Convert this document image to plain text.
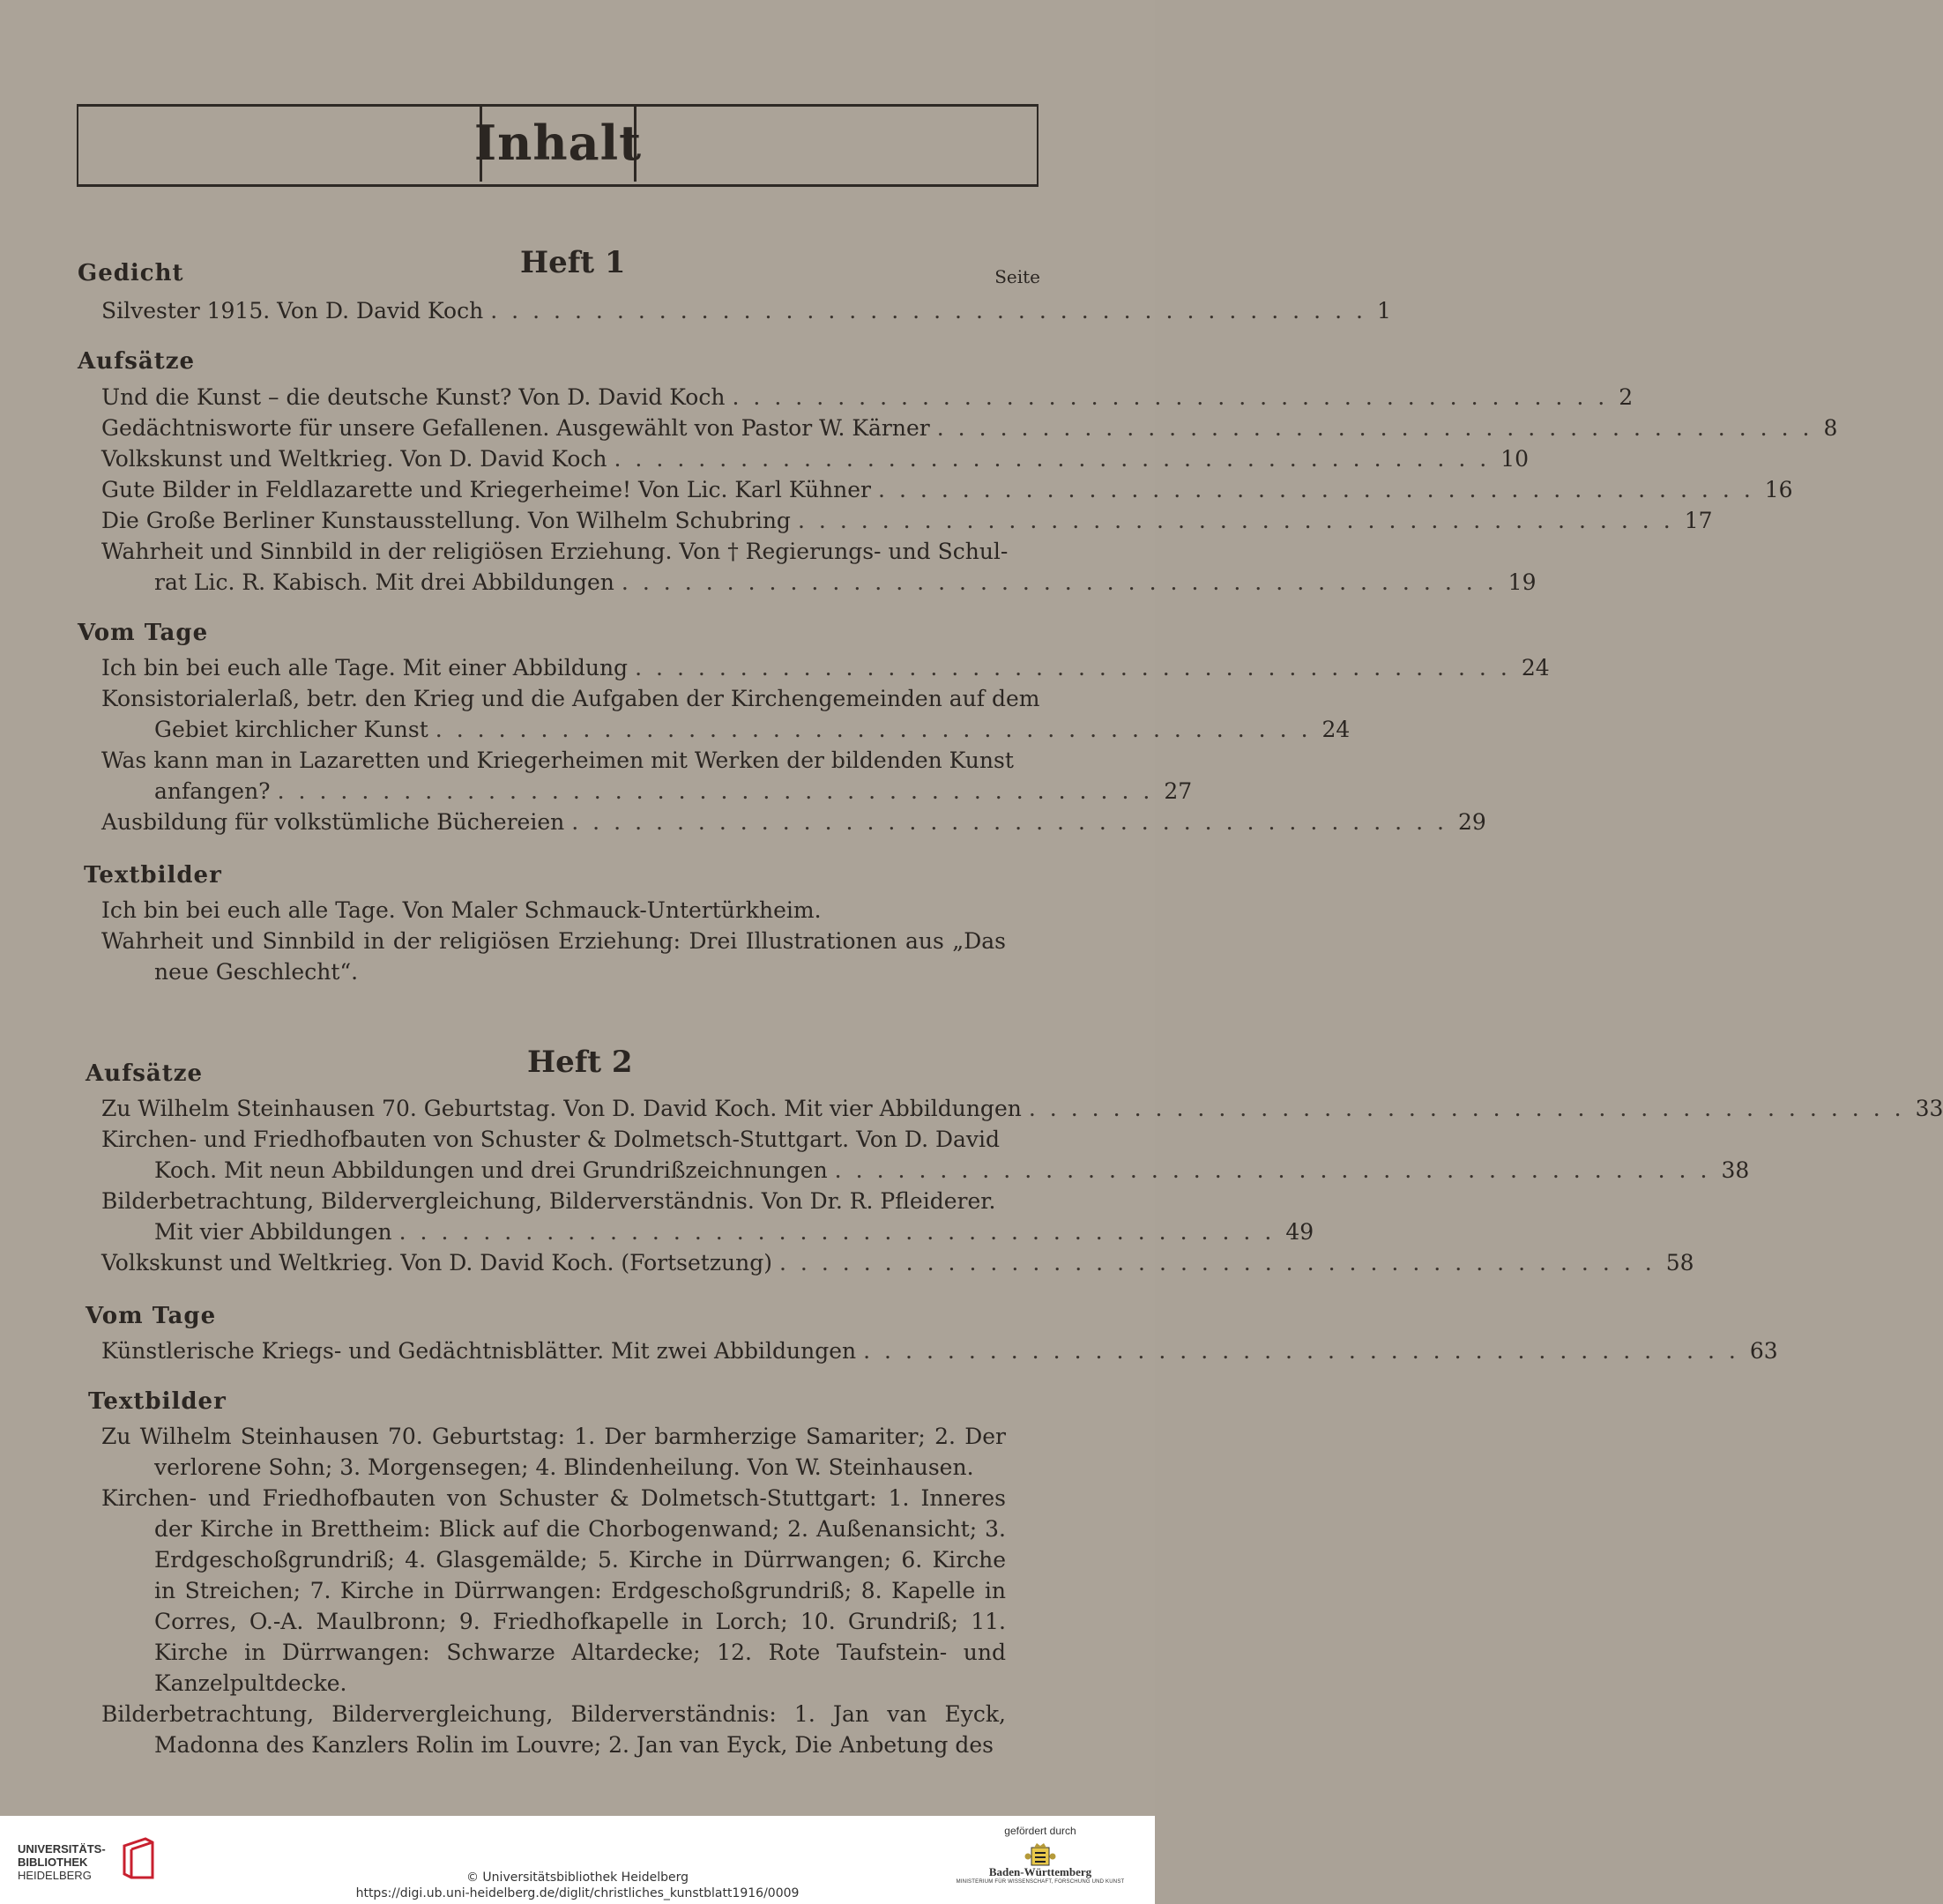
Inhalt
Heft 1	Seite
Gedicht
Silvester 1915. Von D. David Koch .......................................... 1
Aufsätze
Und die Kunst – die deutsche Kunst? Von D. David Koch .......................................... 2
Gedächtnisworte für unsere Gefallenen. Ausgewählt von Pastor W. Kärner .......................................... 8
Volkskunst und Weltkrieg. Von D. David Koch .......................................... 10
Gute Bilder in Feldlazarette und Kriegerheime! Von Lic. Karl Kühner .......................................... 16
Die Große Berliner Kunstausstellung. Von Wilhelm Schubring .......................................... 17
Wahrheit und Sinnbild in der religiösen Erziehung. Von † Regierungs- und Schul-
rat Lic. R. Kabisch. Mit drei Abbildungen .......................................... 19
Vom Tage
Ich bin bei euch alle Tage. Mit einer Abbildung .......................................... 24
Konsistorialerlaß, betr. den Krieg und die Aufgaben der Kirchengemeinden auf dem
Gebiet kirchlicher Kunst .......................................... 24
Was kann man in Lazaretten und Kriegerheimen mit Werken der bildenden Kunst
anfangen? .......................................... 27
Ausbildung für volkstümliche Büchereien .......................................... 29
Textbilder

Ich bin bei euch alle Tage. Von Maler Schmauck-Untertürkheim.

Wahrheit und Sinnbild in der religiösen Erziehung: Drei Illustrationen aus „Das neue Geschlecht“.

Heft 2
Aufsätze
Zu Wilhelm Steinhausen 70. Geburtstag. Von D. David Koch. Mit vier Abbildungen .......................................... 33
Kirchen- und Friedhofbauten von Schuster & Dolmetsch-Stuttgart. Von D. David
Koch. Mit neun Abbildungen und drei Grundrißzeichnungen .......................................... 38
Bilderbetrachtung, Bildervergleichung, Bilderverständnis. Von Dr. R. Pfleiderer.
Mit vier Abbildungen .......................................... 49
Volkskunst und Weltkrieg. Von D. David Koch. (Fortsetzung) .......................................... 58
Vom Tage
Künstlerische Kriegs- und Gedächtnisblätter. Mit zwei Abbildungen .......................................... 63
Textbilder

Zu Wilhelm Steinhausen 70. Geburtstag: 1. Der barmherzige Samariter; 2. Der verlorene Sohn; 3. Morgensegen; 4. Blindenheilung. Von W. Steinhausen.

Kirchen- und Friedhofbauten von Schuster & Dolmetsch-Stuttgart: 1. Inneres der Kirche in Brettheim: Blick auf die Chorbogenwand; 2. Außenansicht; 3. Erdgeschoßgrundriß; 4. Glasgemälde; 5. Kirche in Dürrwangen; 6. Kirche in Streichen; 7. Kirche in Dürrwangen: Erdgeschoßgrundriß; 8. Kapelle in Corres, O.-A. Maulbronn; 9. Friedhofkapelle in Lorch; 10. Grundriß; 11. Kirche in Dürrwangen: Schwarze Altardecke; 12. Rote Taufstein- und Kanzelpultdecke.

Bilderbetrachtung, Bildervergleichung, Bilderverständnis: 1. Jan van Eyck, Madonna des Kanzlers Rolin im Louvre; 2. Jan van Eyck, Die Anbetung des

UNIVERSITÄTS-
BIBLIOTHEK
HEIDELBERG	© Universitätsbibliothek Heidelberg
https://digi.ub.uni-heidelberg.de/diglit/christliches_kunstblatt1916/0009
gefördert durch
Baden-Württemberg
MINISTERIUM FÜR WISSENSCHAFT, FORSCHUNG UND KUNST
